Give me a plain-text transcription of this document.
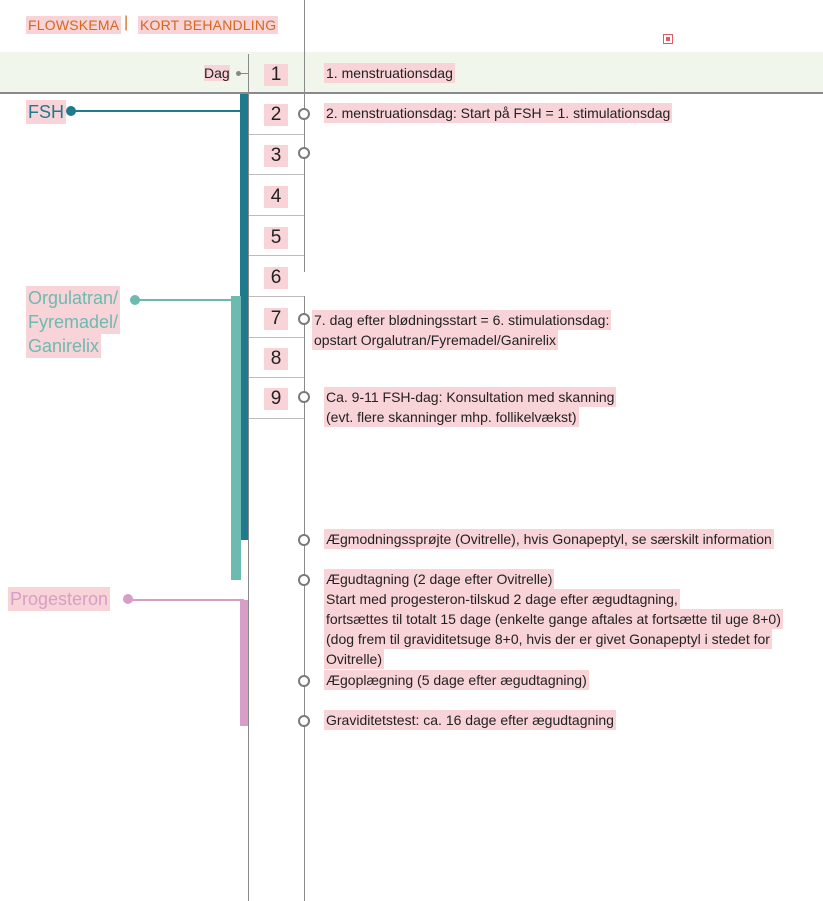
FLOWSKEMA | KORT BEHANDLING
Dag	1
2
3
4
5
6
7
8
9
FSH
Orgulatran/
Fyremadel/
Ganirelix
Progesteron
1. menstruationsdag
2. menstruationsdag: Start på FSH = 1. stimulationsdag
7. dag efter blødningsstart = 6. stimulationsdag:
opstart Orgalutran/Fyremadel/Ganirelix
Ca. 9-11 FSH-dag: Konsultation med skanning
(evt. flere skanninger mhp. follikelvækst)
Ægmodningssprøjte (Ovitrelle), hvis Gonapeptyl, se særskilt information
Ægudtagning (2 dage efter Ovitrelle)
Start med progesteron-tilskud 2 dage efter ægudtagning,
fortsættes til totalt 15 dage (enkelte gange aftales at fortsætte til uge 8+0)
(dog frem til graviditetsuge 8+0, hvis der er givet Gonapeptyl i stedet for
Ovitrelle)
Ægoplægning (5 dage efter ægudtagning)
Graviditetstest: ca. 16 dage efter ægudtagning
